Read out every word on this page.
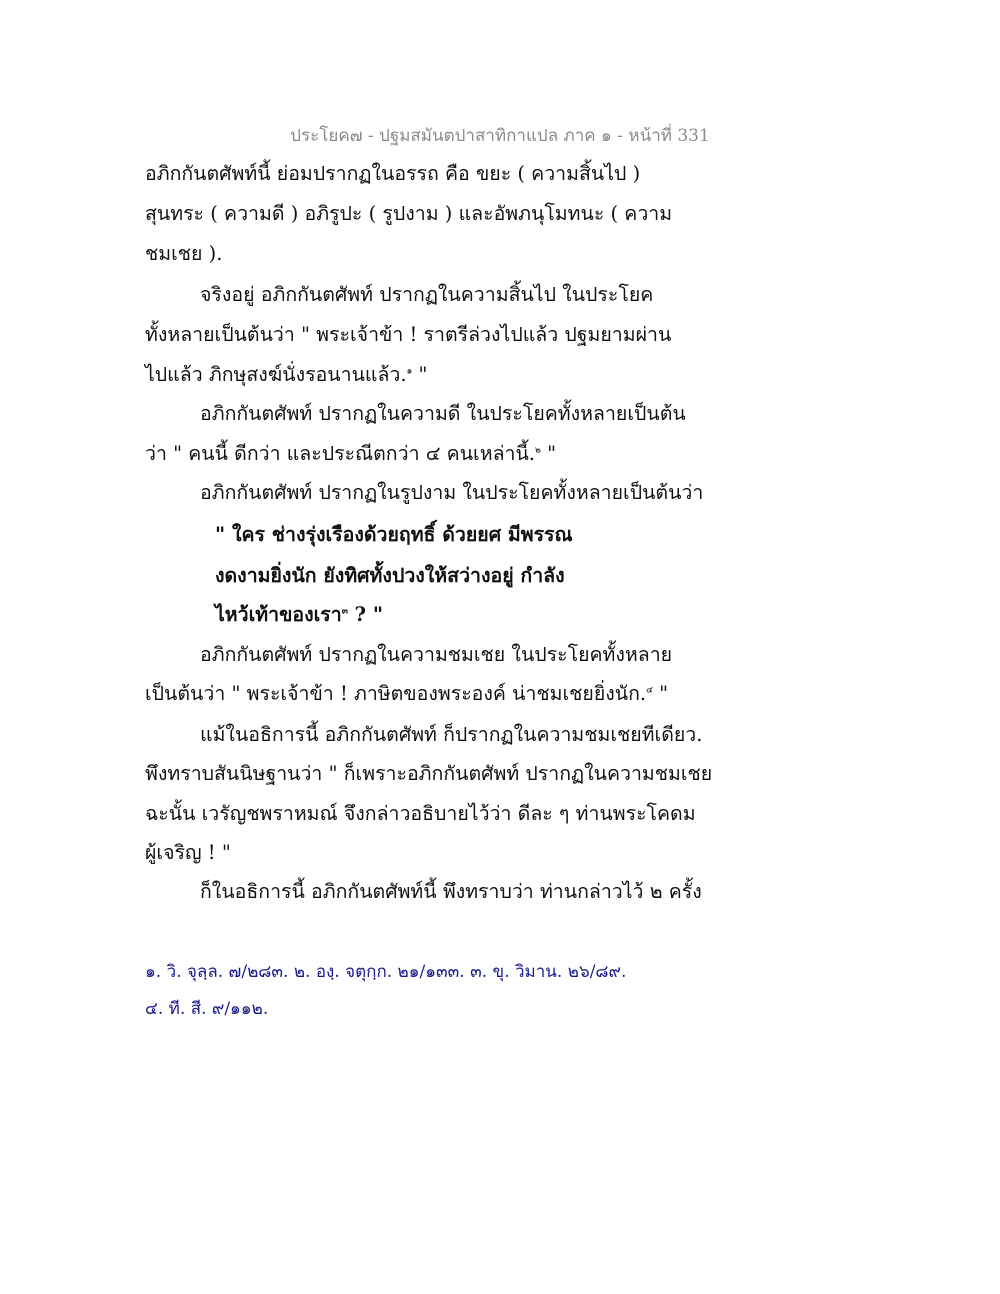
ประโยค๗ - ปฐมสมันตปาสาทิกาแปล ภาค ๑ - หน้าที่ 331
อภิกกันตศัพท์นี้ ย่อมปรากฏในอรรถ คือ ขยะ ( ความสิ้นไป )
สุนทระ ( ความดี ) อภิรูปะ ( รูปงาม ) และอัพภนุโมทนะ ( ความ
ชมเชย ).
จริงอยู่ อภิกกันตศัพท์ ปรากฏในความสิ้นไป ในประโยค
ทั้งหลายเป็นต้นว่า " พระเจ้าข้า ! ราตรีล่วงไปแล้ว ปฐมยามผ่าน
ไปแล้ว ภิกษุสงฆ์นั่งรอนานแล้ว.$^๑$ "
อภิกกันตศัพท์ ปรากฏในความดี ในประโยคทั้งหลายเป็นต้น
ว่า " คนนี้ ดีกว่า และประณีตกว่า ๔ คนเหล่านี้.$^๒$ "
อภิกกันตศัพท์ ปรากฏในรูปงาม ในประโยคทั้งหลายเป็นต้นว่า
" ใคร ช่างรุ่งเรืองด้วยฤทธิ์ ด้วยยศ มีพรรณ
งดงามยิ่งนัก ยังทิศทั้งปวงให้สว่างอยู่ กำลัง
ไหว้เท้าของเรา$^๓$ ? "
อภิกกันตศัพท์ ปรากฏในความชมเชย ในประโยคทั้งหลาย
เป็นต้นว่า " พระเจ้าข้า ! ภาษิตของพระองค์ น่าชมเชยยิ่งนัก.$^๔$ "
แม้ในอธิการนี้ อภิกกันตศัพท์ ก็ปรากฏในความชมเชยทีเดียว.
พึงทราบสันนิษฐานว่า " ก็เพราะอภิกกันตศัพท์ ปรากฏในความชมเชย
ฉะนั้น เวรัญชพราหมณ์ จึงกล่าวอธิบายไว้ว่า ดีละ ๆ ท่านพระโคดม
ผู้เจริญ ! "
ก็ในอธิการนี้ อภิกกันตศัพท์นี้ พึงทราบว่า ท่านกล่าวไว้ ๒ ครั้ง
๑. วิ. จุลฺล. ๗/๒๘๓. ๒. องฺ. จตุกฺก. ๒๑/๑๓๓. ๓. ขุ. วิมาน. ๒๖/๘๙.
๔. ที. สี. ๙/๑๑๒.
